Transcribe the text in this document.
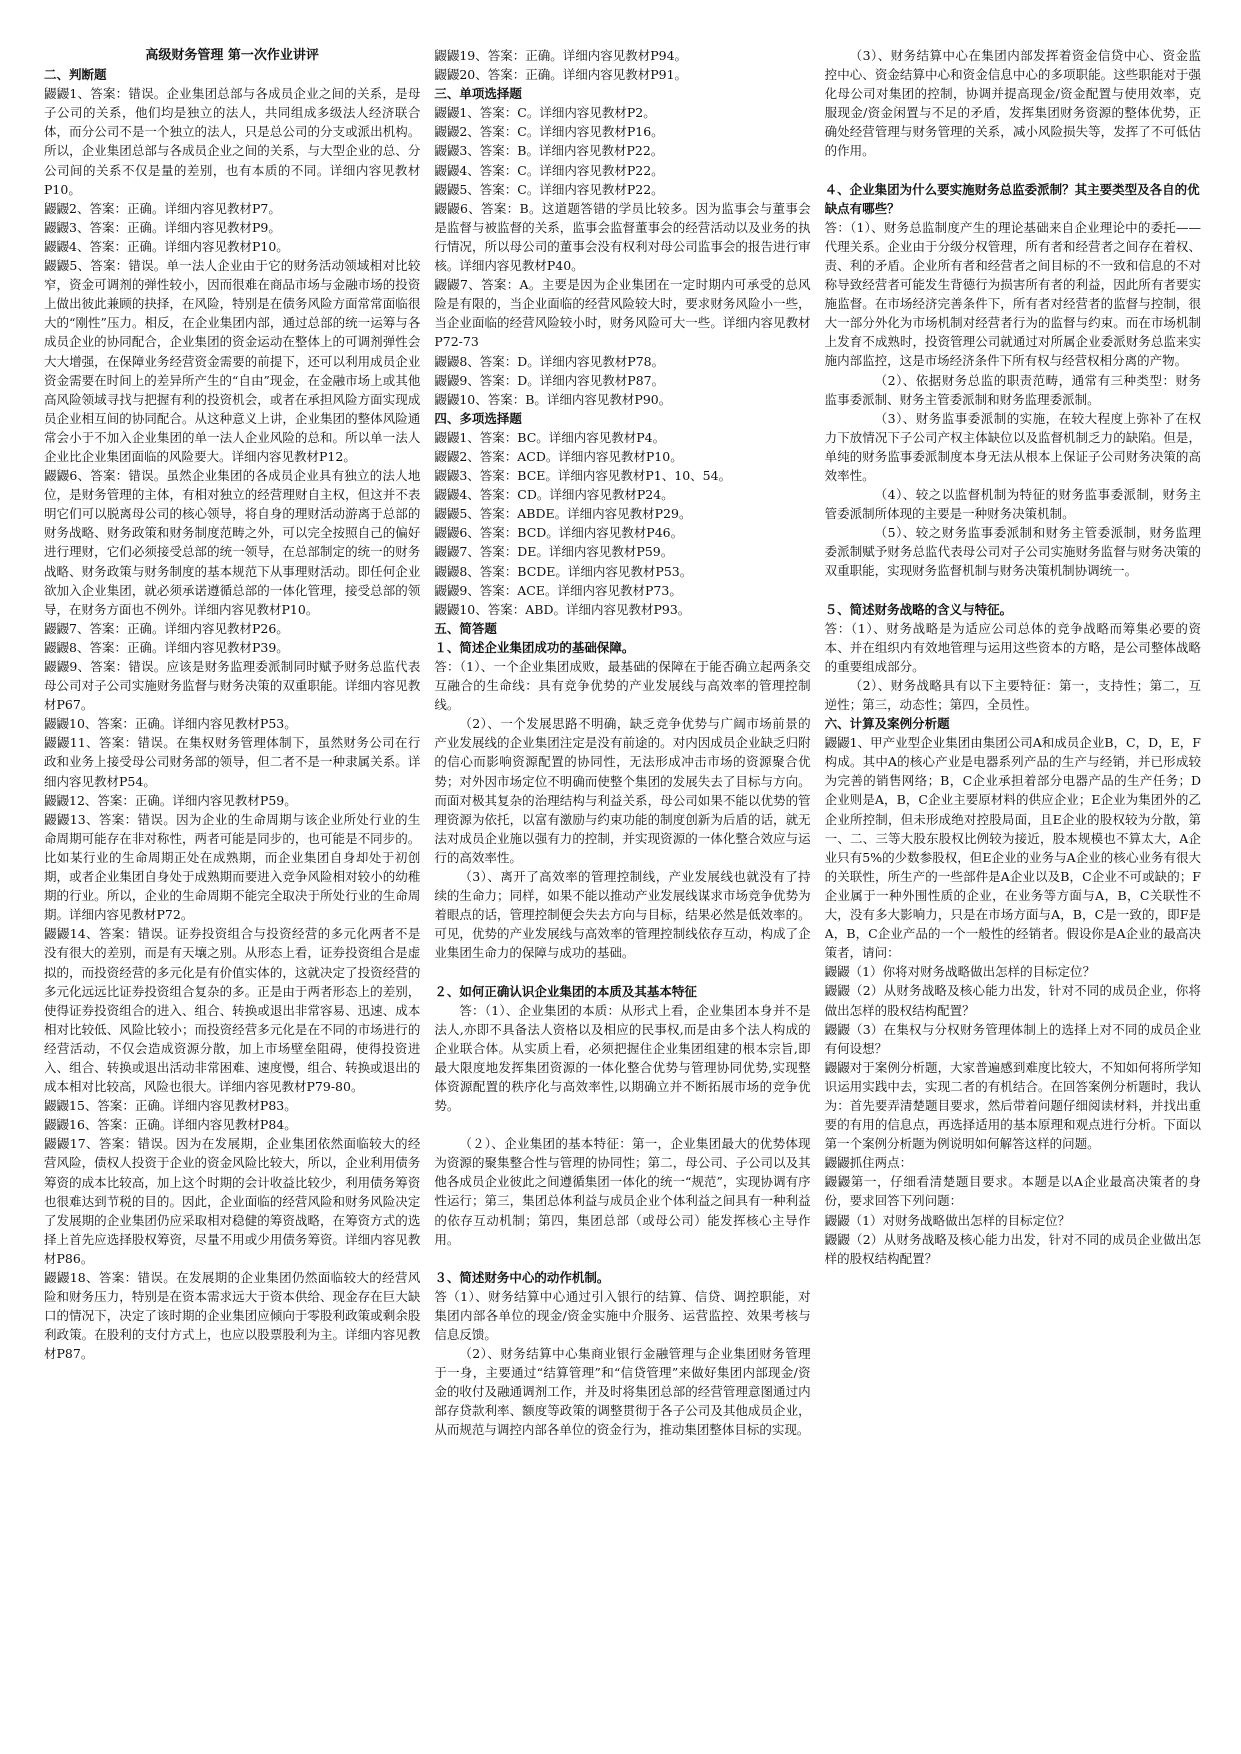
高级财务管理 第一次作业讲评

二、判断题

鼹鼹1、答案：错误。企业集团总部与各成员企业之间的关系，是母子公司的关系，他们均是独立的法人，共同组成多级法人经济联合体，而分公司不是一个独立的法人，只是总公司的分支或派出机构。所以，企业集团总部与各成员企业之间的关系，与大型企业的总、分公司间的关系不仅是量的差别，也有本质的不同。详细内容见教材P10。

鼹鼹2、答案：正确。详细内容见教材P7。

鼹鼹3、答案：正确。详细内容见教材P9。

鼹鼹4、答案：正确。详细内容见教材P10。

鼹鼹5、答案：错误。单一法人企业由于它的财务活动领域相对比较窄，资金可调剂的弹性较小，因而很难在商品市场与金融市场的投资上做出彼此兼顾的抉择，在风险，特别是在债务风险方面常常面临很大的“刚性”压力。相反，在企业集团内部，通过总部的统一运筹与各成员企业的协同配合，企业集团的资金运动在整体上的可调剂弹性会大大增强，在保障业务经营资金需要的前提下，还可以利用成员企业资金需要在时间上的差异所产生的“自由”现金，在金融市场上或其他高风险领域寻找与把握有利的投资机会，或者在承担风险方面实现成员企业相互间的协同配合。从这种意义上讲，企业集团的整体风险通常会小于不加入企业集团的单一法人企业风险的总和。所以单一法人企业比企业集团面临的风险要大。详细内容见教材P12。

鼹鼹6、答案：错误。虽然企业集团的各成员企业具有独立的法人地位，是财务管理的主体，有相对独立的经营理财自主权，但这并不表明它们可以脱离母公司的核心领导，将自身的理财活动游离于总部的财务战略、财务政策和财务制度范畴之外，可以完全按照自己的偏好进行理财，它们必须接受总部的统一领导，在总部制定的统一的财务战略、财务政策与财务制度的基本规范下从事理财活动。即任何企业欲加入企业集团，就必须承诺遵循总部的一体化管理，接受总部的领导，在财务方面也不例外。详细内容见教材P10。

鼹鼹7、答案：正确。详细内容见教材P26。

鼹鼹8、答案：正确。详细内容见教材P39。

鼹鼹9、答案：错误。应该是财务监理委派制同时赋予财务总监代表母公司对子公司实施财务监督与财务决策的双重职能。详细内容见教材P67。

鼹鼹10、答案：正确。详细内容见教材P53。

鼹鼹11、答案：错误。在集权财务管理体制下，虽然财务公司在行政和业务上接受母公司财务部的领导，但二者不是一种隶属关系。详细内容见教材P54。

鼹鼹12、答案：正确。详细内容见教材P59。

鼹鼹13、答案：错误。因为企业的生命周期与该企业所处行业的生命周期可能存在非对称性，两者可能是同步的，也可能是不同步的。比如某行业的生命周期正处在成熟期，而企业集团自身却处于初创期，或者企业集团自身处于成熟期而要进入竞争风险相对较小的幼稚期的行业。所以，企业的生命周期不能完全取决于所处行业的生命周期。详细内容见教材P72。

鼹鼹14、答案：错误。证券投资组合与投资经营的多元化两者不是没有很大的差别，而是有天壤之别。从形态上看，证券投资组合是虚拟的，而投资经营的多元化是有价值实体的，这就决定了投资经营的多元化远远比证券投资组合复杂的多。正是由于两者形态上的差别，使得证券投资组合的进入、组合、转换或退出非常容易、迅速、成本相对比较低、风险比较小；而投资经营多元化是在不同的市场进行的经营活动，不仅会造成资源分散，加上市场壁垒阻碍，使得投资进入、组合、转换或退出活动非常困难、速度慢，组合、转换或退出的成本相对比较高，风险也很大。详细内容见教材P79-80。

鼹鼹15、答案：正确。详细内容见教材P83。

鼹鼹16、答案：正确。详细内容见教材P84。

鼹鼹17、答案：错误。因为在发展期，企业集团依然面临较大的经营风险，债权人投资于企业的资金风险比较大，所以，企业利用债务筹资的成本比较高，加上这个时期的会计收益比较少，利用债务筹资也很难达到节税的目的。因此，企业面临的经营风险和财务风险决定了发展期的企业集团仍应采取相对稳健的筹资战略，在筹资方式的选择上首先应选择股权筹资，尽量不用或少用债务筹资。详细内容见教材P86。

鼹鼹18、答案：错误。在发展期的企业集团仍然面临较大的经营风险和财务压力，特别是在资本需求远大于资本供给、现金存在巨大缺口的情况下，决定了该时期的企业集团应倾向于零股利政策或剩余股利政策。在股利的支付方式上，也应以股票股利为主。详细内容见教材P87。

鼹鼹19、答案：正确。详细内容见教材P94。

鼹鼹20、答案：正确。详细内容见教材P91。

三、单项选择题

鼹鼹1、答案：C。详细内容见教材P2。

鼹鼹2、答案：C。详细内容见教材P16。

鼹鼹3、答案：B。详细内容见教材P22。

鼹鼹4、答案：C。详细内容见教材P22。

鼹鼹5、答案：C。详细内容见教材P22。

鼹鼹6、答案：B。这道题答错的学员比较多。因为监事会与董事会是监督与被监督的关系，监事会监督董事会的经营活动以及业务的执行情况，所以母公司的董事会没有权利对母公司监事会的报告进行审核。详细内容见教材P40。

鼹鼹7、答案：A。主要是因为企业集团在一定时期内可承受的总风险是有限的，当企业面临的经营风险较大时，要求财务风险小一些，当企业面临的经营风险较小时，财务风险可大一些。详细内容见教材P72-73

鼹鼹8、答案：D。详细内容见教材P78。

鼹鼹9、答案：D。详细内容见教材P87。

鼹鼹10、答案：B。详细内容见教材P90。

四、多项选择题

鼹鼹1、答案：BC。详细内容见教材P4。

鼹鼹2、答案：ACD。详细内容见教材P10。

鼹鼹3、答案：BCE。详细内容见教材P1、10、54。

鼹鼹4、答案：CD。详细内容见教材P24。

鼹鼹5、答案：ABDE。详细内容见教材P29。

鼹鼹6、答案：BCD。详细内容见教材P46。

鼹鼹7、答案：DE。详细内容见教材P59。

鼹鼹8、答案：BCDE。详细内容见教材P53。

鼹鼹9、答案：ACE。详细内容见教材P73。

鼹鼹10、答案：ABD。详细内容见教材P93。

五、简答题

１、简述企业集团成功的基础保障。

答：（1）、一个企业集团成败，最基础的保障在于能否确立起两条交互融合的生命线：具有竞争优势的产业发展线与高效率的管理控制线。

（2）、一个发展思路不明确，缺乏竞争优势与广阔市场前景的产业发展线的企业集团注定是没有前途的。对内因成员企业缺乏归附的信心而影响资源配置的协同性，无法形成冲击市场的资源聚合优势；对外因市场定位不明确而使整个集团的发展失去了目标与方向。而面对极其复杂的治理结构与利益关系，母公司如果不能以优势的管理资源为依托，以富有激励与约束功能的制度创新为后盾的话，就无法对成员企业施以强有力的控制，并实现资源的一体化整合效应与运行的高效率性。

（3）、离开了高效率的管理控制线，产业发展线也就没有了持续的生命力；同样，如果不能以推动产业发展线谋求市场竞争优势为着眼点的话，管理控制便会失去方向与目标，结果必然是低效率的。可见，优势的产业发展线与高效率的管理控制线依存互动，构成了企业集团生命力的保障与成功的基础。

２、如何正确认识企业集团的本质及其基本特征

答：（1）、企业集团的本质：从形式上看，企业集团本身并不是法人,亦即不具备法人资格以及相应的民事权,而是由多个法人构成的企业联合体。从实质上看，必须把握住企业集团组建的根本宗旨,即最大限度地发挥集团资源的一体化整合优势与管理协同优势,实现整体资源配置的秩序化与高效率性,以期确立并不断拓展市场的竞争优势。

（２）、企业集团的基本特征：第一，企业集团最大的优势体现为资源的聚集整合性与管理的协同性；第二，母公司、子公司以及其他各成员企业彼此之间遵循集团一体化的统一“规范”，实现协调有序性运行；第三，集团总体利益与成员企业个体利益之间具有一种利益的依存互动机制；第四，集团总部（或母公司）能发挥核心主导作用。

３、简述财务中心的动作机制。

答（1）、财务结算中心通过引入银行的结算、信贷、调控职能，对集团内部各单位的现金/资金实施中介服务、运营监控、效果考核与信息反馈。

（2）、财务结算中心集商业银行金融管理与企业集团财务管理于一身，主要通过“结算管理”和“信贷管理”来做好集团内部现金/资金的收付及融通调剂工作，并及时将集团总部的经营管理意图通过内部存贷款利率、额度等政策的调整贯彻于各子公司及其他成员企业，从而规范与调控内部各单位的资金行为，推动集团整体目标的实现。

（3）、财务结算中心在集团内部发挥着资金信贷中心、资金监控中心、资金结算中心和资金信息中心的多项职能。这些职能对于强化母公司对集团的控制，协调并提高现金/资金配置与使用效率，克服现金/资金闲置与不足的矛盾，发挥集团财务资源的整体优势，正确处经营管理与财务管理的关系，减小风险损失等，发挥了不可低估的作用。

４、企业集团为什么要实施财务总监委派制？其主要类型及各自的优缺点有哪些？

答：（1）、财务总监制度产生的理论基础来自企业理论中的委托——代理关系。企业由于分级分权管理，所有者和经营者之间存在着权、责、利的矛盾。企业所有者和经营者之间目标的不一致和信息的不对称导致经营者可能发生背德行为损害所有者的利益，因此所有者要实施监督。在市场经济完善条件下，所有者对经营者的监督与控制，很大一部分外化为市场机制对经营者行为的监督与约束。而在市场机制上发育不成熟时，投资管理公司就通过对所属企业委派财务总监来实施内部监控，这是市场经济条件下所有权与经营权相分离的产物。

（2）、依据财务总监的职责范畴，通常有三种类型：财务监事委派制、财务主管委派制和财务监理委派制。

（3）、财务监事委派制的实施，在较大程度上弥补了在权力下放情况下子公司产权主体缺位以及监督机制乏力的缺陷。但是，单纯的财务监事委派制度本身无法从根本上保证子公司财务决策的高效率性。

（4）、较之以监督机制为特征的财务监事委派制，财务主管委派制所体现的主要是一种财务决策机制。

（5）、较之财务监事委派制和财务主管委派制，财务监理委派制赋予财务总监代表母公司对子公司实施财务监督与财务决策的双重职能，实现财务监督机制与财务决策机制协调统一。

５、简述财务战略的含义与特征。

答：（1）、财务战略是为适应公司总体的竞争战略而筹集必要的资本、并在组织内有效地管理与运用这些资本的方略，是公司整体战略的重要组成部分。

（2）、财务战略具有以下主要特征：第一，支持性；第二，互逆性；第三，动态性；第四，全员性。

六、计算及案例分析题

鼹鼹1、甲产业型企业集团由集团公司A和成员企业B，C，D，E，F构成。其中A的核心产业是电器系列产品的生产与经销，并已形成较为完善的销售网络；B，C企业承担着部分电器产品的生产任务；D企业则是A，B，C企业主要原材料的供应企业；E企业为集团外的乙企业所控制，但未形成绝对控股局面，且E企业的股权较为分散，第一、二、三等大股东股权比例较为接近，股本规模也不算太大，A企业只有5%的少数参股权，但E企业的业务与A企业的核心业务有很大的关联性，所生产的一些部件是A企业以及B，C企业不可或缺的；F企业属于一种外围性质的企业，在业务等方面与A，B，C关联性不大，没有多大影响力，只是在市场方面与A，B，C是一致的，即F是A，B，C企业产品的一个一般性的经销者。假设你是A企业的最高决策者，请问：

鼹鼹（1）你将对财务战略做出怎样的目标定位？

鼹鼹（2）从财务战略及核心能力出发，针对不同的成员企业，你将做出怎样的股权结构配置？

鼹鼹（3）在集权与分权财务管理体制上的选择上对不同的成员企业有何设想？

鼹鼹对于案例分析题，大家普遍感到难度比较大，不知如何将所学知识运用实践中去，实现二者的有机结合。在回答案例分析题时，我认为：首先要弄清楚题目要求，然后带着问题仔细阅读材料，并找出重要的有用的信息点，再选择适用的基本原理和观点进行分析。下面以第一个案例分析题为例说明如何解答这样的问题。

鼹鼹抓住两点：

鼹鼹第一，仔细看清楚题目要求。本题是以A企业最高决策者的身份，要求回答下列问题：

鼹鼹（1）对财务战略做出怎样的目标定位？

鼹鼹（2）从财务战略及核心能力出发，针对不同的成员企业做出怎样的股权结构配置？
